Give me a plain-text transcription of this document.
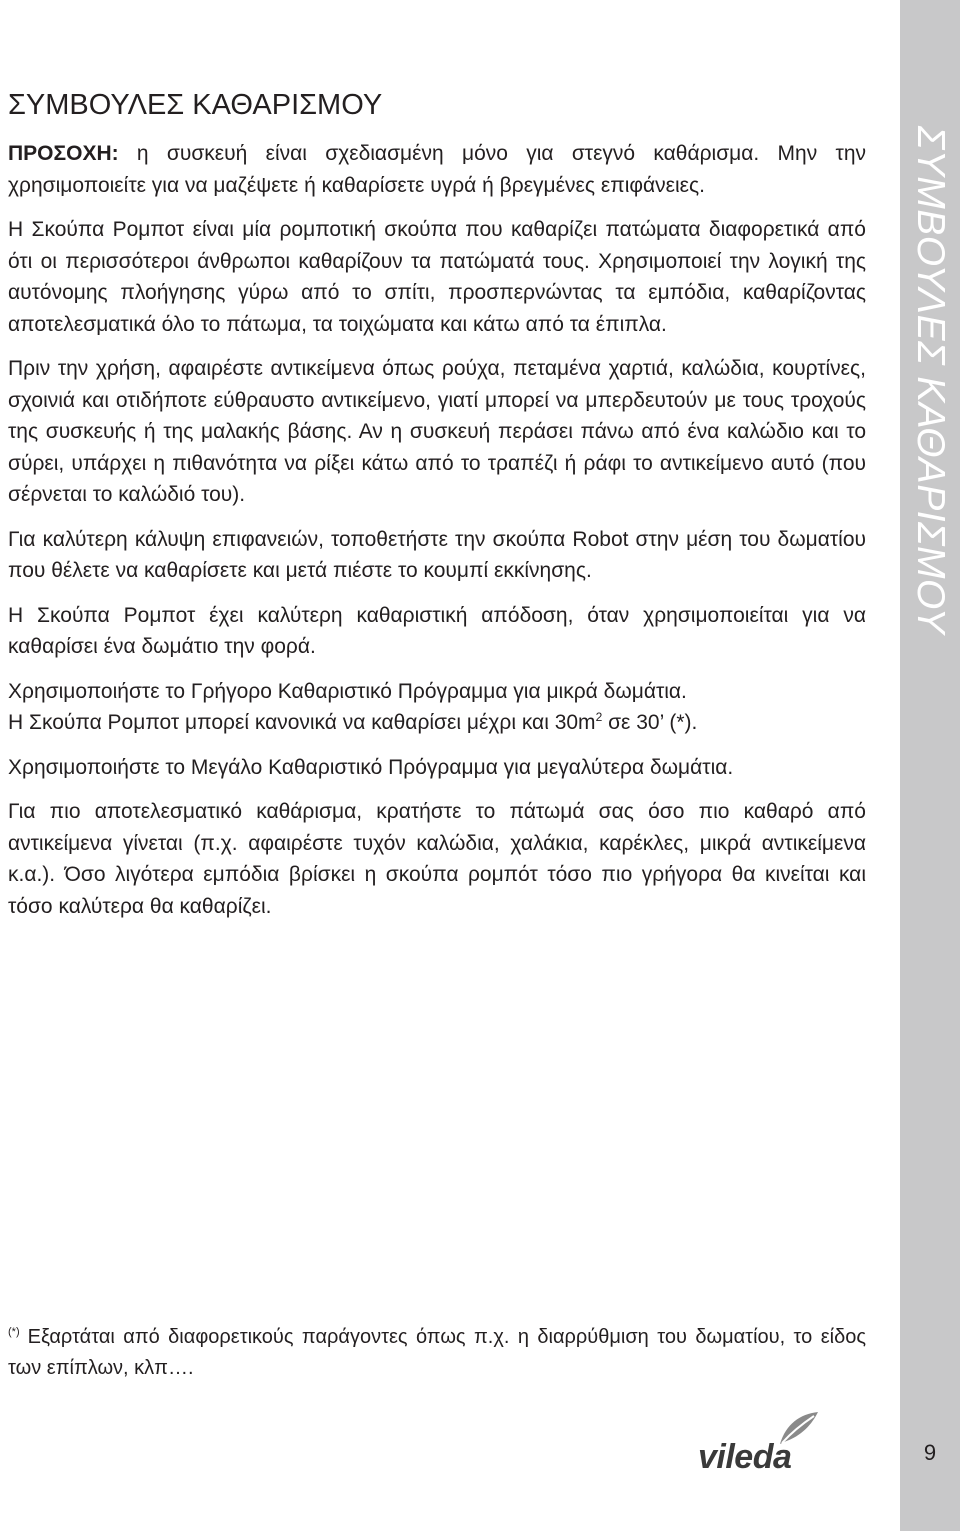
ΣΥΜΒΟΥΛΕΣ ΚΑΘΑΡΙΣΜΟΥ
9
ΣΥΜΒΟΥΛΕΣ ΚΑΘΑΡΙΣΜΟΥ

ΠΡΟΣΟΧΗ: η συσκευή είναι σχεδιασμένη μόνο για στεγνό καθάρισμα. Μην την χρησιμοποιείτε για να μαζέψετε ή καθαρίσετε υγρά ή βρεγμένες επιφάνειες.

Η Σκούπα Ρομποτ είναι μία ρομποτική σκούπα που καθαρίζει πατώματα διαφορετικά από ότι οι περισσότεροι άνθρωποι καθαρίζουν τα πατώματά τους. Χρησιμοποιεί την λογική της αυτόνομης πλοήγησης γύρω από το σπίτι, προσπερνώντας τα εμπόδια, καθαρίζοντας αποτελεσματικά όλο το πάτωμα, τα τοιχώματα και κάτω από τα έπιπλα.

Πριν την χρήση, αφαιρέστε αντικείμενα όπως ρούχα, πεταμένα χαρτιά, καλώδια, κουρτίνες, σχοινιά και οτιδήποτε εύθραυστο αντικείμενο, γιατί μπορεί να μπερδευτούν με τους τροχούς της συσκευής ή της μαλακής βάσης. Αν η συσκευή περάσει πάνω από ένα καλώδιο και το σύρει, υπάρχει η πιθανότητα να ρίξει κάτω από το τραπέζι ή ράφι το αντικείμενο αυτό (που σέρνεται το καλώδιό του).

Για καλύτερη κάλυψη επιφανειών, τοποθετήστε την σκούπα Robot στην μέση του δωματίου που θέλετε να καθαρίσετε και μετά πιέστε το κουμπί εκκίνησης.

Η Σκούπα Ρομποτ έχει καλύτερη καθαριστική απόδοση, όταν χρησιμοποιείται για να καθαρίσει ένα δωμάτιο την φορά.

Χρησιμοποιήστε το Γρήγορο Καθαριστικό Πρόγραμμα για μικρά δωμάτια.
Η Σκούπα Ρομποτ μπορεί κανονικά να καθαρίσει μέχρι και $30m^2$ σε 30’ (*).

Χρησιμοποιήστε το Μεγάλο Καθαριστικό Πρόγραμμα για μεγαλύτερα δωμάτια.

Για πιο αποτελεσματικό καθάρισμα, κρατήστε το πάτωμά σας όσο πιο καθαρό από αντικείμενα γίνεται (π.χ. αφαιρέστε τυχόν καλώδια, χαλάκια, καρέκλες, μικρά αντικείμενα κ.α.). Όσο λιγότερα εμπόδια βρίσκει η σκούπα ρομπότ τόσο πιο γρήγορα θα κινείται και τόσο καλύτερα θα καθαρίζει.

(*) Εξαρτάται από διαφορετικούς παράγοντες όπως π.χ. η διαρρύθμιση του δωματίου, το είδος των επίπλων, κλπ….
vileda
